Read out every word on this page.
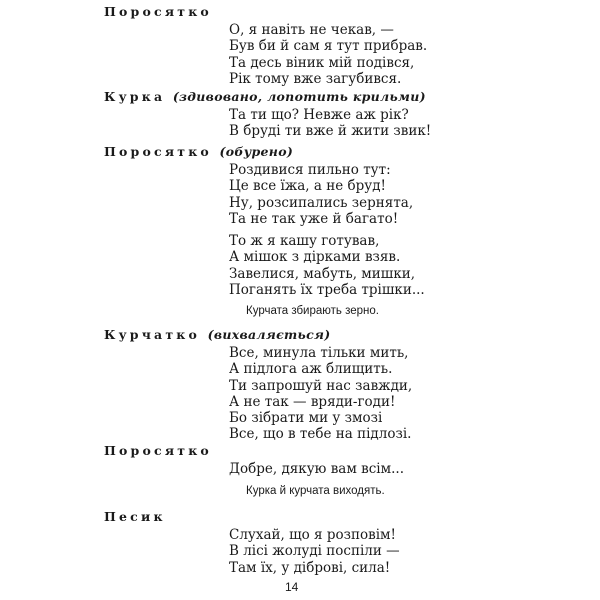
Поросятко
О, я навіть не чекав, —
Був би й сам я тут прибрав.
Та десь віник мій подівся,
Рік тому вже загубився.
Курка (здивовано, лопотить крильми)
Та ти що? Невже аж рік?
В бруді ти вже й жити звик!
Поросятко (обурено)
Роздивися пильно тут:
Це все їжа, а не бруд!
Ну, розсипались зернята,
Та не так уже й багато!
То ж я кашу готував,
А мішок з дірками взяв.
Завелися, мабуть, мишки,
Поганять їх треба трішки...
Курчата збирають зерно.
Курчатко (вихваляється)
Все, минула тільки мить,
А підлога аж блищить.
Ти запрошуй нас завжди,
А не так — вряди-годи!
Бо зібрати ми у змозі
Все, що в тебе на підлозі.
Поросятко
Добре, дякую вам всім...
Курка й курчата виходять.
Песик
Слухай, що я розповім!
В лісі жолуді поспіли —
Там їх, у діброві, сила!
14
